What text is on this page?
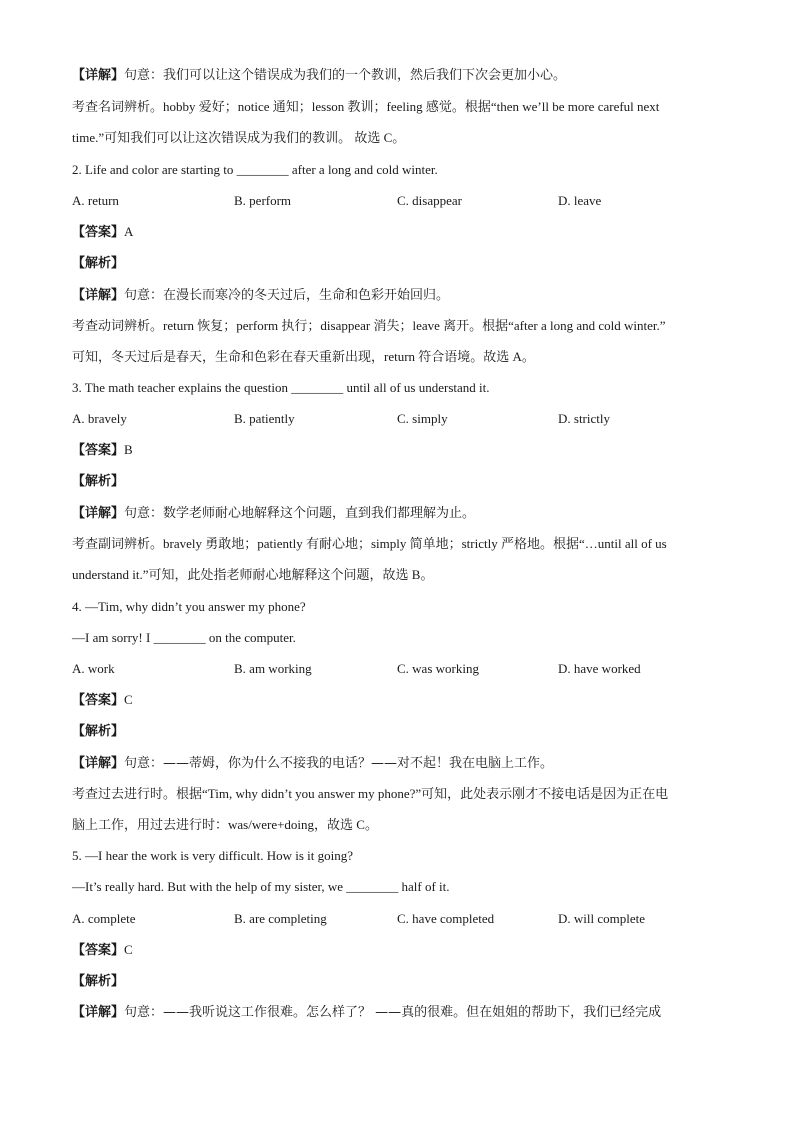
【详解】句意：我们可以让这个错误成为我们的一个教训，然后我们下次会更加小心。
考查名词辨析。hobby 爱好；notice 通知；lesson 教训；feeling 感觉。根据“then we’ll be more careful next
time.”可知我们可以让这次错误成为我们的教训。 故选 C。
2. Life and color are starting to ________ after a long and cold winter.
A. return	B. perform	C. disappear	D. leave
【答案】A
【解析】
【详解】句意：在漫长而寒冷的冬天过后，生命和色彩开始回归。
考查动词辨析。return 恢复；perform 执行；disappear 消失；leave 离开。根据“after a long and cold winter.”
可知，冬天过后是春天，生命和色彩在春天重新出现，return 符合语境。故选 A。
3. The math teacher explains the question ________ until all of us understand it.
A. bravely	B. patiently	C. simply	D. strictly
【答案】B
【解析】
【详解】句意：数学老师耐心地解释这个问题，直到我们都理解为止。
考查副词辨析。bravely 勇敢地；patiently 有耐心地；simply 简单地；strictly 严格地。根据“…until all of us
understand it.”可知，此处指老师耐心地解释这个问题，故选 B。
4. —Tim, why didn’t you answer my phone?
—I am sorry! I ________ on the computer.
A. work	B. am working	C. was working	D. have worked
【答案】C
【解析】
【详解】句意：——蒂姆，你为什么不接我的电话？——对不起！我在电脑上工作。
考查过去进行时。根据“Tim, why didn’t you answer my phone?”可知，此处表示刚才不接电话是因为正在电
脑上工作，用过去进行时：was/were+doing，故选 C。
5. —I hear the work is very difficult. How is it going?
—It’s really hard. But with the help of my sister, we ________ half of it.
A. complete	B. are completing	C. have completed	D. will complete
【答案】C
【解析】
【详解】句意：——我听说这工作很难。怎么样了？ ——真的很难。但在姐姐的帮助下，我们已经完成
